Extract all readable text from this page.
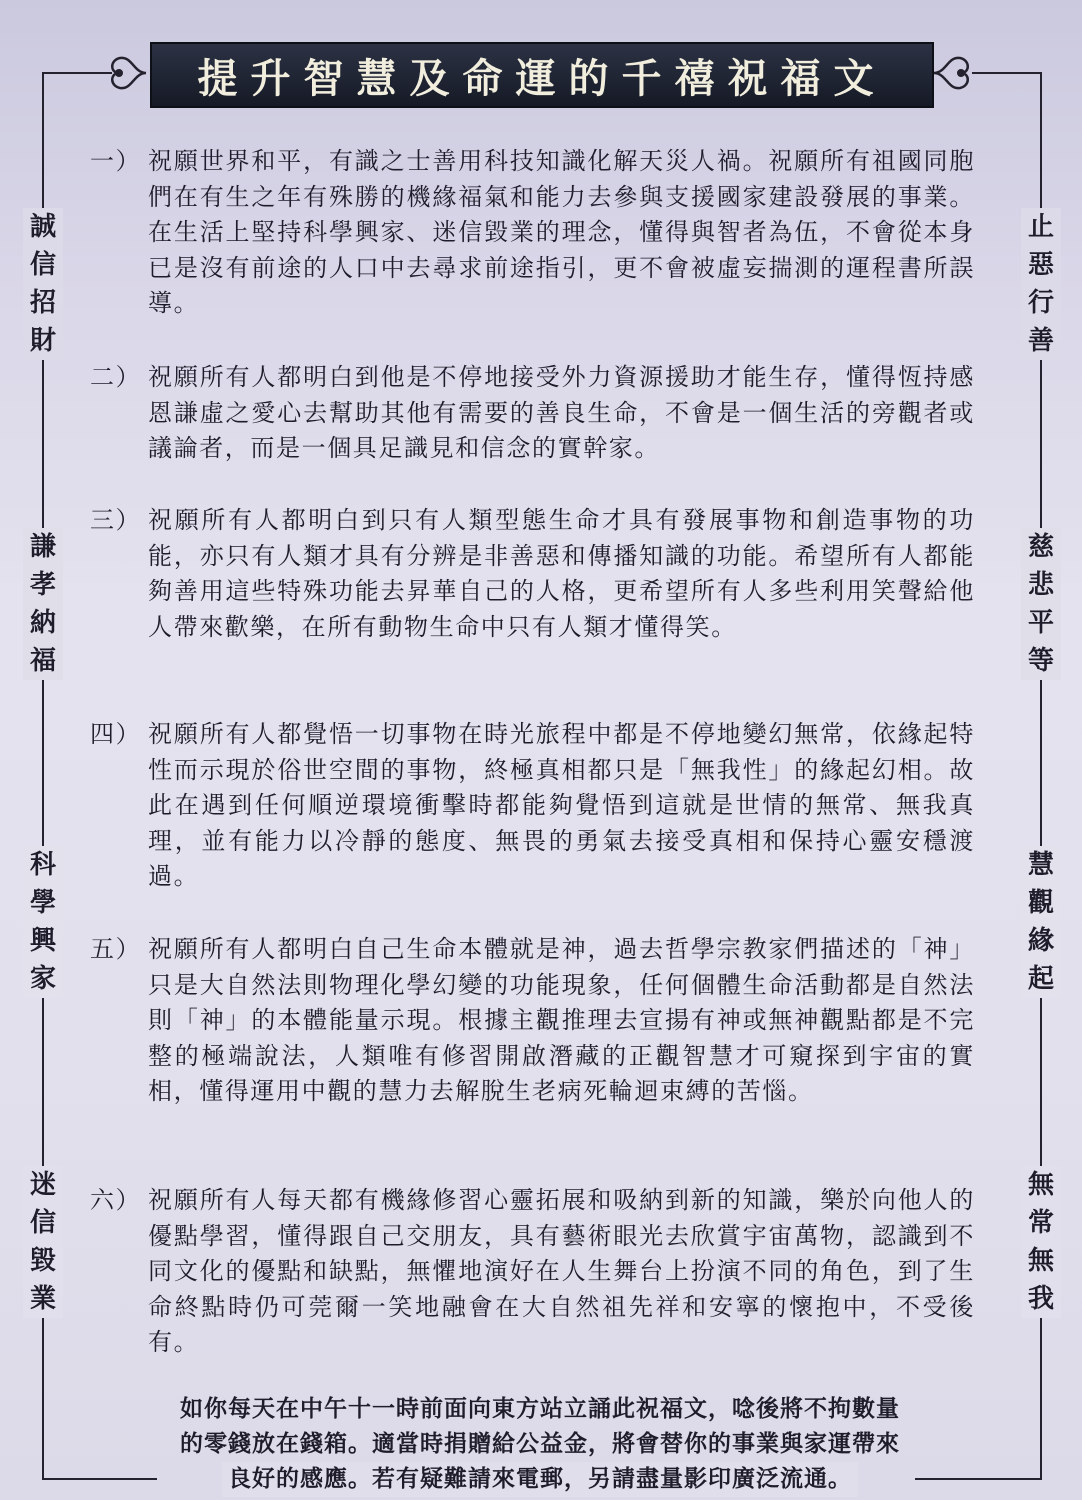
提升智慧及命運的千禧祝福文
誠信招財
謙孝納福
科學興家
迷信毀業
止惡行善
慈悲平等
慧觀緣起
無常無我
一） 祝願世界和平，有識之士善用科技知識化解天災人禍。祝願所有祖國同胞們在有生之年有殊勝的機緣福氣和能力去參與支援國家建設發展的事業。在生活上堅持科學興家、迷信毀業的理念，懂得與智者為伍，不會從本身已是沒有前途的人口中去尋求前途指引，更不會被虛妄揣測的運程書所誤導。
二） 祝願所有人都明白到他是不停地接受外力資源援助才能生存，懂得恆持感恩謙虛之愛心去幫助其他有需要的善良生命，不會是一個生活的旁觀者或議論者，而是一個具足識見和信念的實幹家。
三） 祝願所有人都明白到只有人類型態生命才具有發展事物和創造事物的功能，亦只有人類才具有分辨是非善惡和傳播知識的功能。希望所有人都能夠善用這些特殊功能去昇華自己的人格，更希望所有人多些利用笑聲給他人帶來歡樂，在所有動物生命中只有人類才懂得笑。
四） 祝願所有人都覺悟一切事物在時光旅程中都是不停地變幻無常，依緣起特性而示現於俗世空間的事物，終極真相都只是「無我性」的緣起幻相。故此在遇到任何順逆環境衝擊時都能夠覺悟到這就是世情的無常、無我真理，並有能力以冷靜的態度、無畏的勇氣去接受真相和保持心靈安穩渡過。
五） 祝願所有人都明白自己生命本體就是神，過去哲學宗教家們描述的「神」只是大自然法則物理化學幻變的功能現象，任何個體生命活動都是自然法則「神」的本體能量示現。根據主觀推理去宣揚有神或無神觀點都是不完整的極端說法，人類唯有修習開啟潛藏的正觀智慧才可窺探到宇宙的實相，懂得運用中觀的慧力去解脫生老病死輪迴束縛的苦惱。
六） 祝願所有人每天都有機緣修習心靈拓展和吸納到新的知識，樂於向他人的優點學習，懂得跟自己交朋友，具有藝術眼光去欣賞宇宙萬物，認識到不同文化的優點和缺點，無懼地演好在人生舞台上扮演不同的角色，到了生命終點時仍可莞爾一笑地融會在大自然祖先祥和安寧的懷抱中，不受後有。
如你每天在中午十一時前面向東方站立誦此祝福文，唸後將不拘數量
的零錢放在錢箱。適當時捐贈給公益金，將會替你的事業與家運帶來
良好的感應。若有疑難請來電郵，另請盡量影印廣泛流通。
